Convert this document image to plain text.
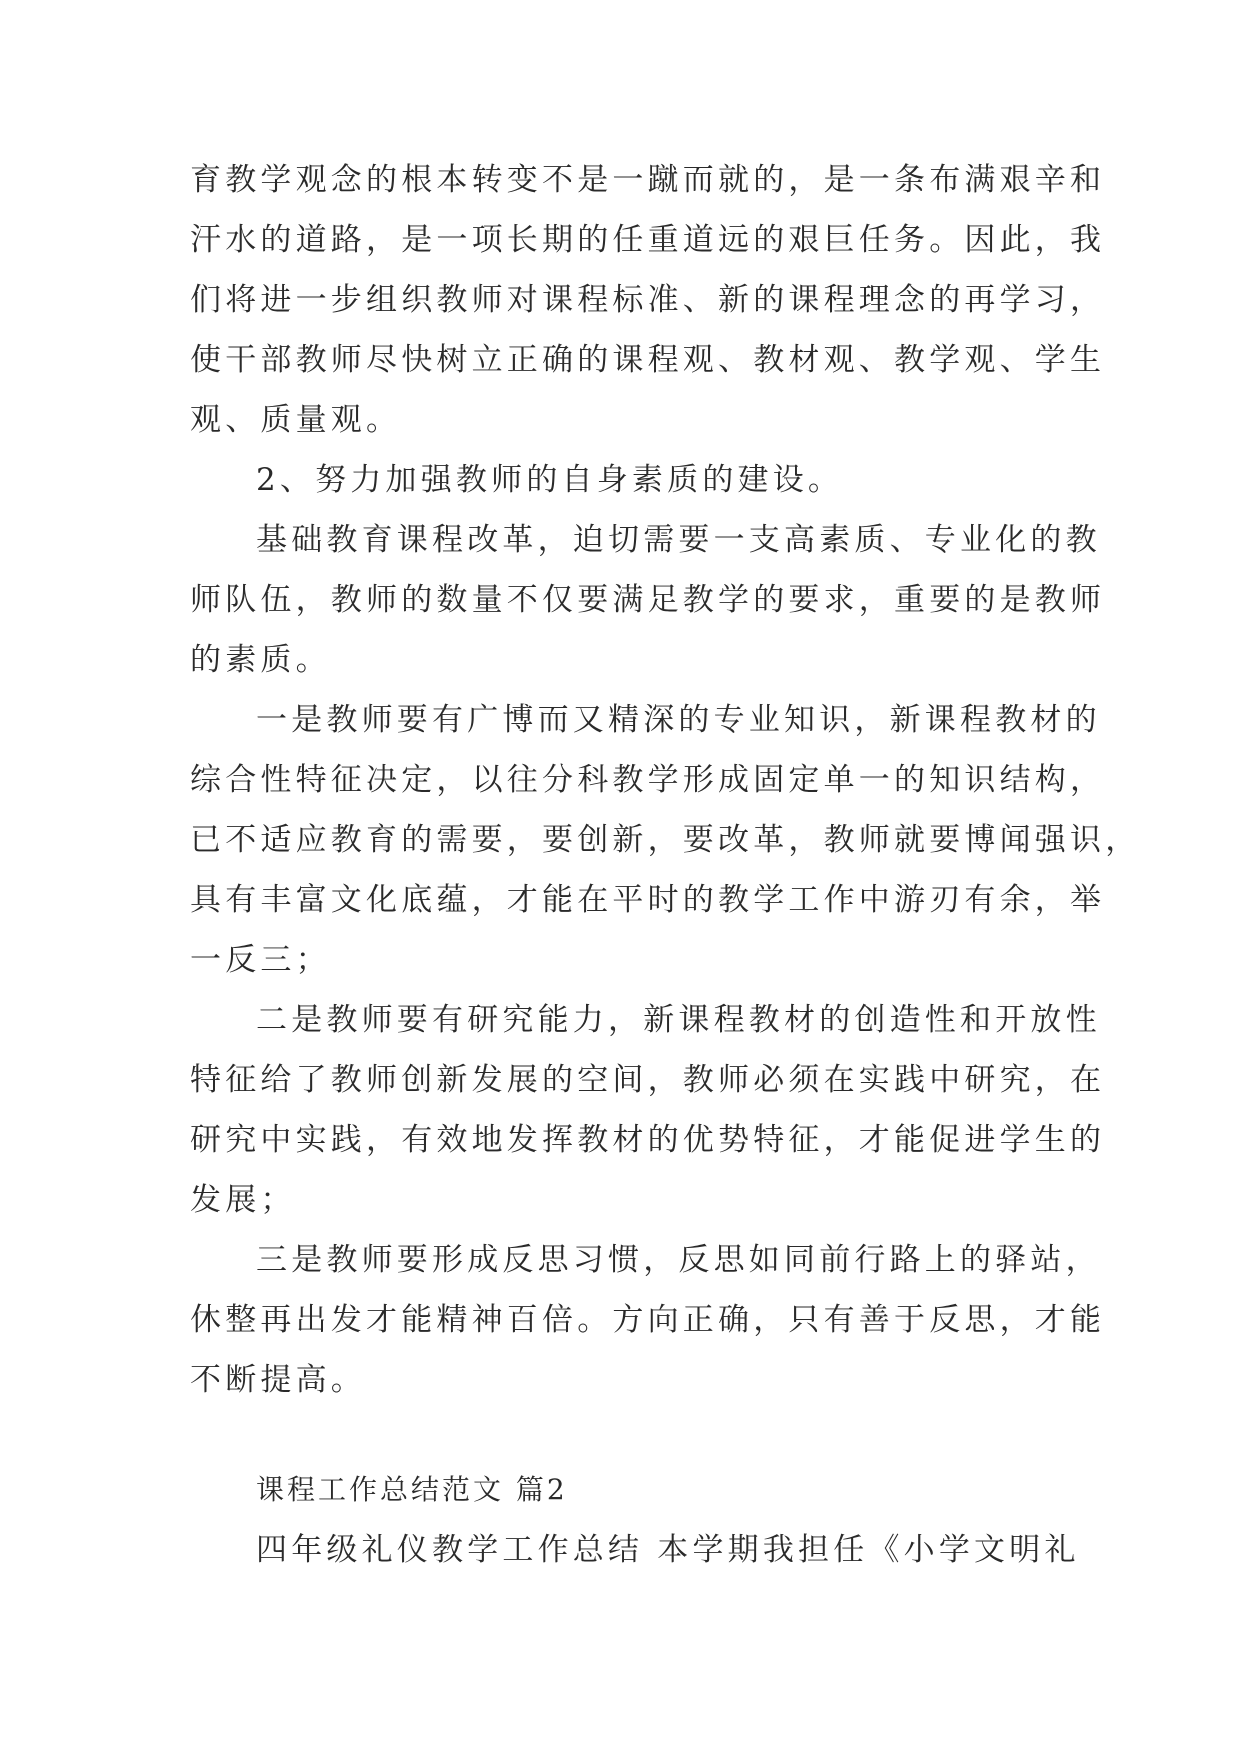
育教学观念的根本转变不是一蹴而就的，是一条布满艰辛和
汗水的道路，是一项长期的任重道远的艰巨任务。因此，我
们将进一步组织教师对课程标准、新的课程理念的再学习，
使干部教师尽快树立正确的课程观、教材观、教学观、学生
观、质量观。
2、努力加强教师的自身素质的建设。
基础教育课程改革，迫切需要一支高素质、专业化的教
师队伍，教师的数量不仅要满足教学的要求，重要的是教师
的素质。
一是教师要有广博而又精深的专业知识，新课程教材的
综合性特征决定，以往分科教学形成固定单一的知识结构，
已不适应教育的需要，要创新，要改革，教师就要博闻强识，
具有丰富文化底蕴，才能在平时的教学工作中游刃有余，举
一反三；
二是教师要有研究能力，新课程教材的创造性和开放性
特征给了教师创新发展的空间，教师必须在实践中研究，在
研究中实践，有效地发挥教材的优势特征，才能促进学生的
发展；
三是教师要形成反思习惯，反思如同前行路上的驿站，
休整再出发才能精神百倍。方向正确，只有善于反思，才能
不断提高。
课程工作总结范文 篇2
四年级礼仪教学工作总结 本学期我担任《小学文明礼
